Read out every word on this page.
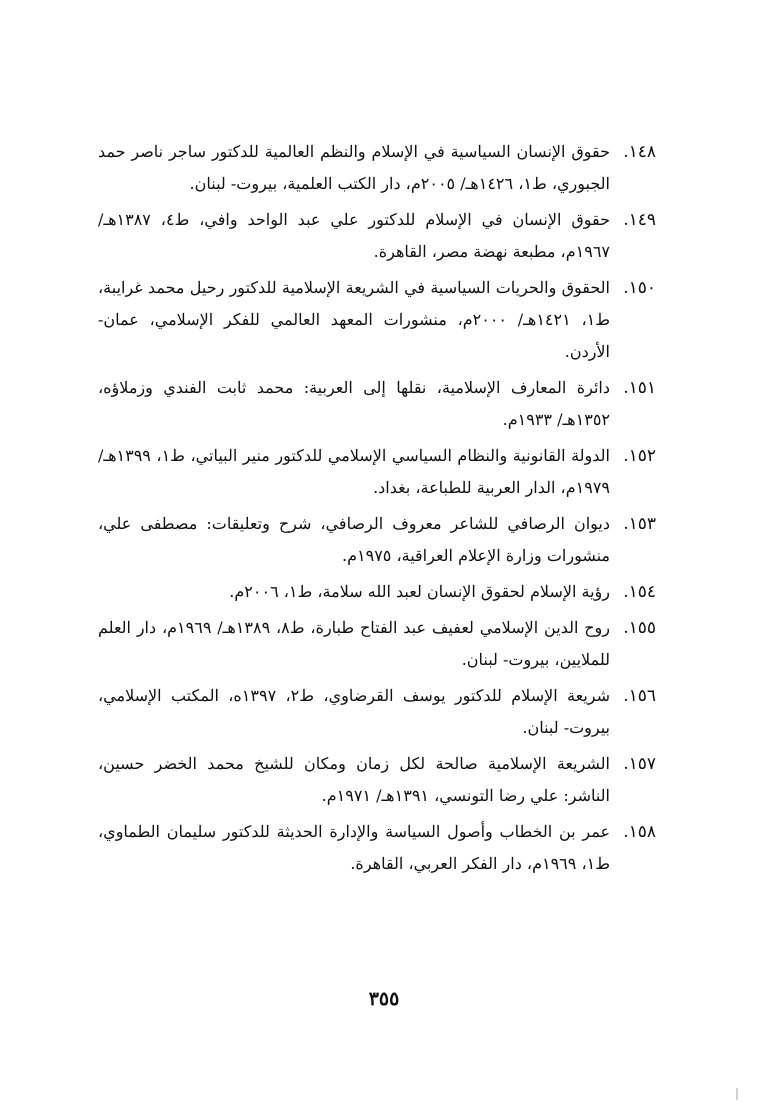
١٤٨.
حقوق الإنسان السياسية في الإسلام والنظم العالمية للدكتور ساجر ناصر حمد الجبوري، ط١، ١٤٢٦هـ/ ٢٠٠٥م، دار الكتب العلمية، بيروت- لبنان.
١٤٩.
حقوق الإنسان في الإسلام للدكتور علي عبد الواحد وافي، ط٤، ١٣٨٧هـ/ ١٩٦٧م، مطبعة نهضة مصر، القاهرة.
١٥٠.
الحقوق والحريات السياسية في الشريعة الإسلامية للدكتور رحيل محمد غرايبة، ط١، ١٤٢١هـ/ ٢٠٠٠م، منشورات المعهد العالمي للفكر الإسلامي، عمان- الأردن.
١٥١.
دائرة المعارف الإسلامية، نقلها إلى العربية: محمد ثابت الفندي وزملاؤه، ١٣٥٢هـ/ ١٩٣٣م.
١٥٢.
الدولة القانونية والنظام السياسي الإسلامي للدكتور منير البياتي، ط١، ١٣٩٩هـ/ ١٩٧٩م، الدار العربية للطباعة، بغداد.
١٥٣.
ديوان الرصافي للشاعر معروف الرصافي، شرح وتعليقات: مصطفى علي، منشورات وزارة الإعلام العراقية، ١٩٧٥م.
١٥٤.
رؤية الإسلام لحقوق الإنسان لعبد الله سلامة، ط١، ٢٠٠٦م.
١٥٥.
روح الدين الإسلامي لعفيف عبد الفتاح طبارة، ط٨، ١٣٨٩هـ/ ١٩٦٩م، دار العلم للملايين، بيروت- لبنان.
١٥٦.
شريعة الإسلام للدكتور يوسف القرضاوي، ط٢، ١٣٩٧ه، المكتب الإسلامي، بيروت- لبنان.
١٥٧.
الشريعة الإسلامية صالحة لكل زمان ومكان للشيخ محمد الخضر حسين، الناشر: علي رضا التونسي، ١٣٩١هـ/ ١٩٧١م.
١٥٨.
عمر بن الخطاب وأصول السياسة والإدارة الحديثة للدكتور سليمان الطماوي، ط١، ١٩٦٩م، دار الفكر العربي، القاهرة.
٣٥٥
